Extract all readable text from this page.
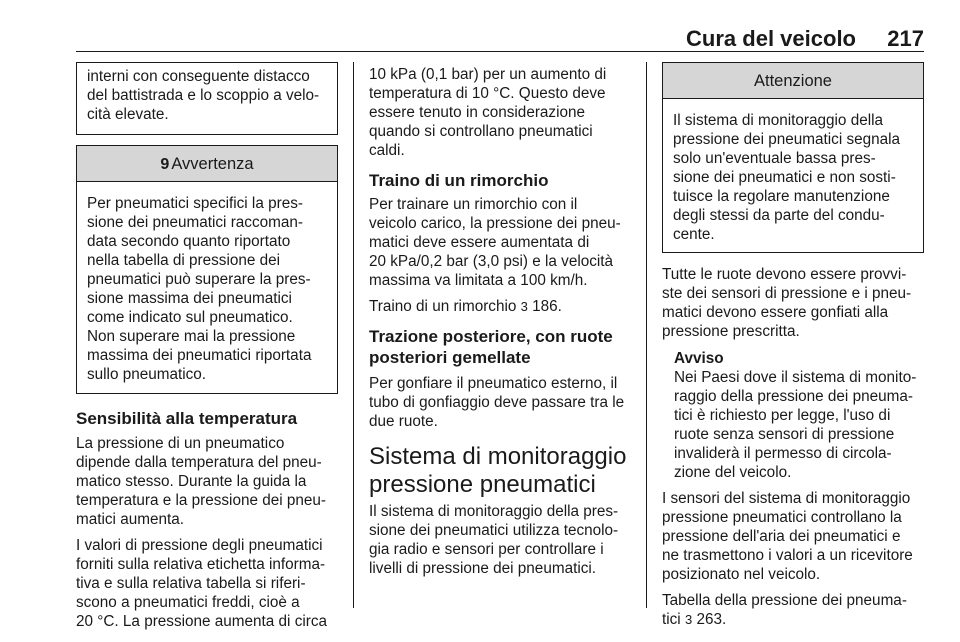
Cura del veicolo 217
interni con conseguente distacco
del battistrada e lo scoppio a velo-
cità elevate.
9 Avvertenza
Per pneumatici specifici la pres-
sione dei pneumatici raccoman-
data secondo quanto riportato
nella tabella di pressione dei
pneumatici può superare la pres-
sione massima dei pneumatici
come indicato sul pneumatico.
Non superare mai la pressione
massima dei pneumatici riportata
sullo pneumatico.
Sensibilità alla temperatura

La pressione di un pneumatico
dipende dalla temperatura del pneu-
matico stesso. Durante la guida la
temperatura e la pressione dei pneu-
matici aumenta.

I valori di pressione degli pneumatici
forniti sulla relativa etichetta informa-
tiva e sulla relativa tabella si riferi-
scono a pneumatici freddi, cioè a
20 °C. La pressione aumenta di circa

10 kPa (0,1 bar) per un aumento di
temperatura di 10 °C. Questo deve
essere tenuto in considerazione
quando si controllano pneumatici
caldi.

Traino di un rimorchio

Per trainare un rimorchio con il
veicolo carico, la pressione dei pneu-
matici deve essere aumentata di
20 kPa/0,2 bar (3,0 psi) e la velocità
massima va limitata a 100 km/h.

Traino di un rimorchio 3 186.

Trazione posteriore, con ruote posteriori gemellate

Per gonfiare il pneumatico esterno, il
tubo di gonfiaggio deve passare tra le
due ruote.

Sistema di monitoraggio pressione pneumatici

Il sistema di monitoraggio della pres-
sione dei pneumatici utilizza tecnolo-
gia radio e sensori per controllare i
livelli di pressione dei pneumatici.

Attenzione
Il sistema di monitoraggio della
pressione dei pneumatici segnala
solo un'eventuale bassa pres-
sione dei pneumatici e non sosti-
tuisce la regolare manutenzione
degli stessi da parte del condu-
cente.

Tutte le ruote devono essere provvi-
ste dei sensori di pressione e i pneu-
matici devono essere gonfiati alla
pressione prescritta.

Avviso

Nei Paesi dove il sistema di monito-
raggio della pressione dei pneuma-
tici è richiesto per legge, l'uso di
ruote senza sensori di pressione
invaliderà il permesso di circola-
zione del veicolo.

I sensori del sistema di monitoraggio
pressione pneumatici controllano la
pressione dell'aria dei pneumatici e
ne trasmettono i valori a un ricevitore
posizionato nel veicolo.

Tabella della pressione dei pneuma-
tici 3 263.
